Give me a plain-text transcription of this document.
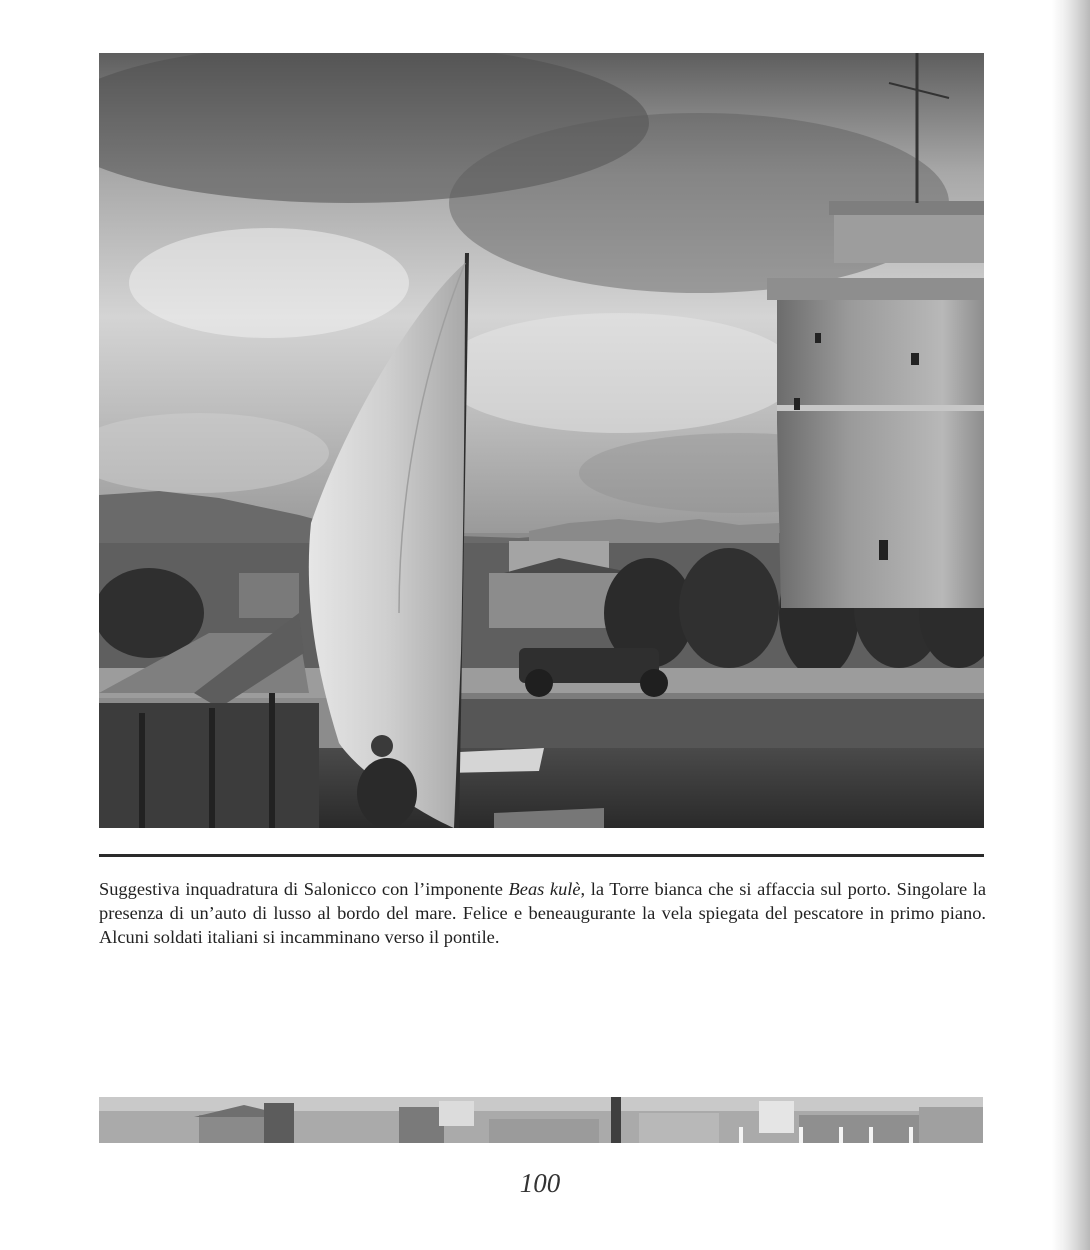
Suggestiva inquadratura di Salonicco con l’imponente Beas kulè, la Torre bianca che si affaccia sul porto. Singolare la presenza di un’auto di lusso al bordo del mare. Felice e beneaugurante la vela spiegata del pescatore in primo piano. Alcuni soldati italiani si incamminano verso il pontile.

100
